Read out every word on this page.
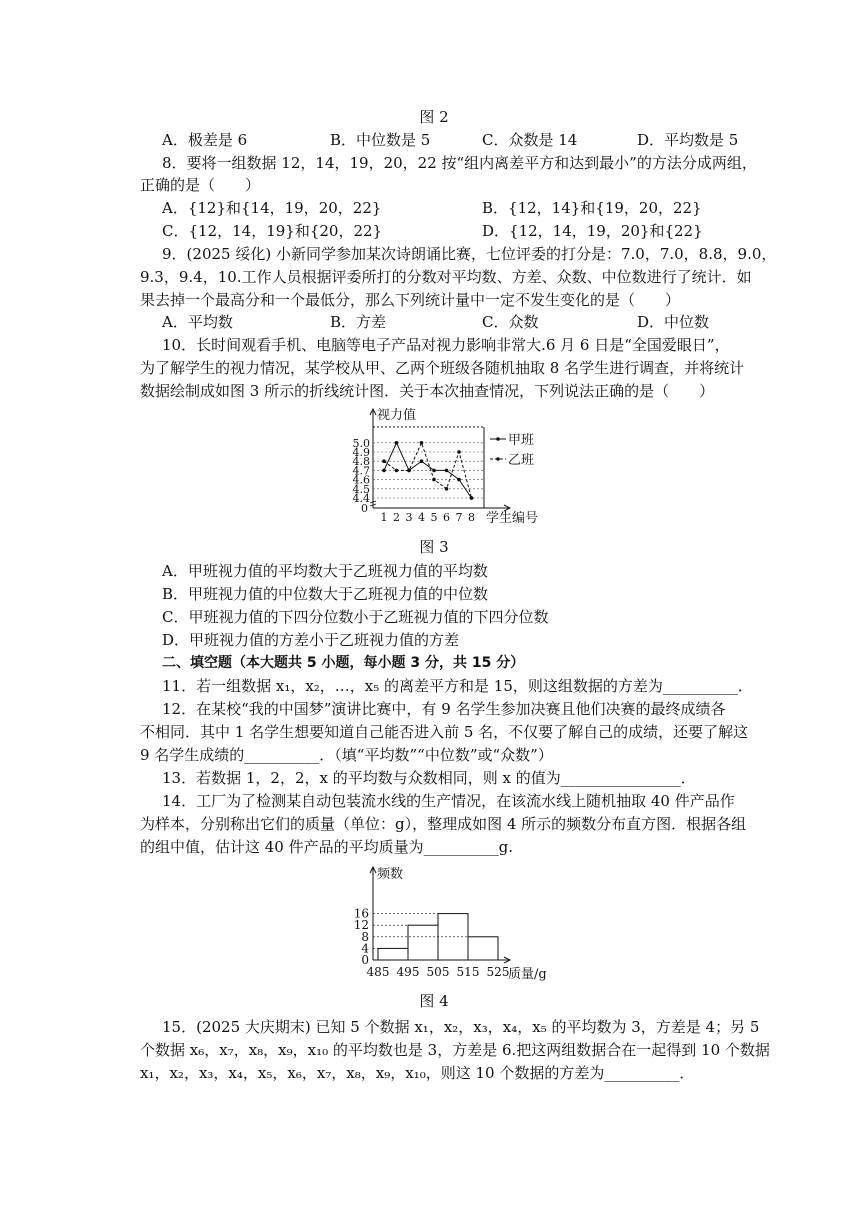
图 2
A．极差是 6	B．中位数是 5	C．众数是 14	D．平均数是 5
8．要将一组数据 12，14，19，20，22 按“组内离差平方和达到最小”的方法分成两组，
正确的是（　　）
A．{12}和{14，19，20，22}	B．{12，14}和{19，20，22}
C．{12，14，19}和{20，22}	D．{12，14，19，20}和{22}
9．(2025 绥化) 小新同学参加某次诗朗诵比赛，七位评委的打分是：7.0，7.0，8.8，9.0，
9.3，9.4，10.工作人员根据评委所打的分数对平均数、方差、众数、中位数进行了统计．如
果去掉一个最高分和一个最低分，那么下列统计量中一定不发生变化的是（　　）
A．平均数	B．方差	C．众数	D．中位数
10．长时间观看手机、电脑等电子产品对视力影响非常大.6 月 6 日是“全国爱眼日”，
为了解学生的视力情况，某学校从甲、乙两个班级各随机抽取 8 名学生进行调查，并将统计
数据绘制成如图 3 所示的折线统计图．关于本次抽查情况，下列说法正确的是（　　）
视力值
学生编号
0
4.4
4.5
4.6
4.7
4.8
4.9
5.0
1 2 3 4 5 6 7 8
甲班
乙班
图 3
A．甲班视力值的平均数大于乙班视力值的平均数
B．甲班视力值的中位数大于乙班视力值的中位数
C．甲班视力值的下四分位数小于乙班视力值的下四分位数
D．甲班视力值的方差小于乙班视力值的方差
二、填空题（本大题共 5 小题，每小题 3 分，共 15 分）
11．若一组数据 x₁，x₂，…，x₅ 的离差平方和是 15，则这组数据的方差为__________．
12．在某校“我的中国梦”演讲比赛中，有 9 名学生参加决赛且他们决赛的最终成绩各
不相同．其中 1 名学生想要知道自己能否进入前 5 名，不仅要了解自己的成绩，还要了解这
9 名学生成绩的__________．（填“平均数”“中位数”或“众数”）
13．若数据 1，2，2，x 的平均数与众数相同，则 x 的值为________________．
14．工厂为了检测某自动包装流水线的生产情况，在该流水线上随机抽取 40 件产品作
为样本，分别称出它们的质量（单位：g），整理成如图 4 所示的频数分布直方图．根据各组
的组中值，估计这 40 件产品的平均质量为__________g.
频数
质量/g
0
4
8
12
16
485 495 505 515 525
图 4
15．(2025 大庆期末) 已知 5 个数据 x₁，x₂，x₃，x₄，x₅ 的平均数为 3，方差是 4；另 5
个数据 x₆，x₇，x₈，x₉，x₁₀ 的平均数也是 3，方差是 6.把这两组数据合在一起得到 10 个数据
x₁，x₂，x₃，x₄，x₅，x₆，x₇，x₈，x₉，x₁₀，则这 10 个数据的方差为__________．
